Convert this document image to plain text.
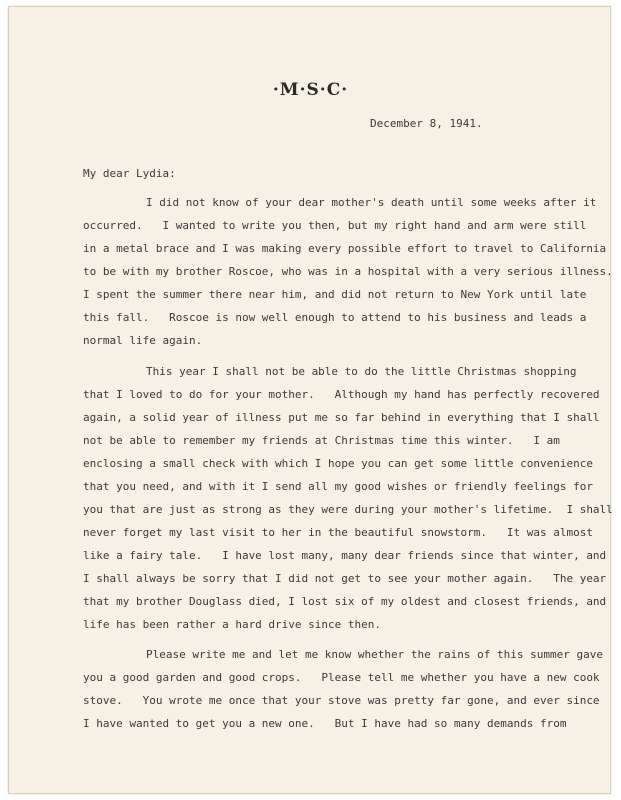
·M·S·C·
December 8, 1941.
My dear Lydia:
I did not know of your dear mother's death until some weeks after it
occurred.   I wanted to write you then, but my right hand and arm were still
in a metal brace and I was making every possible effort to travel to California
to be with my brother Roscoe, who was in a hospital with a very serious illness.
I spent the summer there near him, and did not return to New York until late
this fall.   Roscoe is now well enough to attend to his business and leads a
normal life again.
This year I shall not be able to do the little Christmas shopping
that I loved to do for your mother.   Although my hand has perfectly recovered
again, a solid year of illness put me so far behind in everything that I shall
not be able to remember my friends at Christmas time this winter.   I am
enclosing a small check with which I hope you can get some little convenience
that you need, and with it I send all my good wishes or friendly feelings for
you that are just as strong as they were during your mother's lifetime.  I shall
never forget my last visit to her in the beautiful snowstorm.   It was almost
like a fairy tale.   I have lost many, many dear friends since that winter, and
I shall always be sorry that I did not get to see your mother again.   The year
that my brother Douglass died, I lost six of my oldest and closest friends, and
life has been rather a hard drive since then.
Please write me and let me know whether the rains of this summer gave
you a good garden and good crops.   Please tell me whether you have a new cook
stove.   You wrote me once that your stove was pretty far gone, and ever since
I have wanted to get you a new one.   But I have had so many demands from
